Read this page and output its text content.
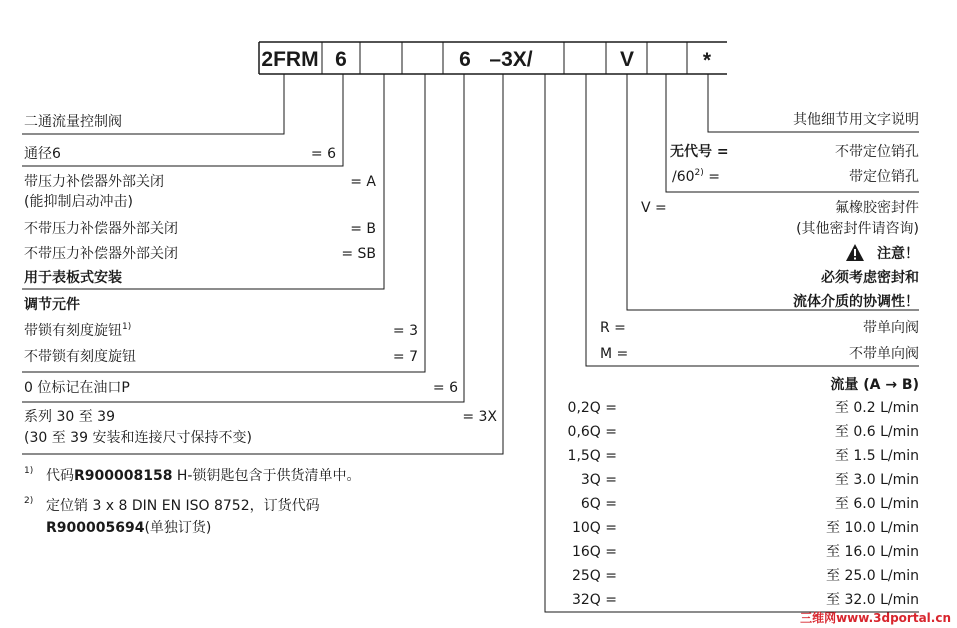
2FRM 6	6 –3X/	V	*
二通流量控制阀
通径6	= 6
带压力补偿器外部关闭
(能抑制启动冲击)
= A
不带压力补偿器外部关闭	= B
不带压力补偿器外部关闭	= SB
用于表板式安装
调节元件
带锁有刻度旋钮$^{1)}$	= 3
不带锁有刻度旋钮	= 7
0 位标记在油口P	= 6
系列 30 至 39
(30 至 39 安装和连接尺寸保持不变)
= 3X
1) 代码R900008158 H-锁钥匙包含于供货清单中。
2) 定位销 3 x 8 DIN EN ISO 8752，订货代码
R900005694(单独订货)
其他细节用文字说明
无代号 =	不带定位销孔
$/60^{2)}$ =	带定位销孔
V =	氟橡胶密封件
(其他密封件请咨询)
注意！
必须考虑密封和
流体介质的协调性！
R =	带单向阀
M =	不带单向阀
流量 (A → B)
0,2Q =	至 0.2 L/min
0,6Q =	至 0.6 L/min
1,5Q =	至 1.5 L/min
3Q =	至 3.0 L/min
6Q =	至 6.0 L/min
10Q =	至 10.0 L/min
16Q =	至 16.0 L/min
25Q =	至 25.0 L/min
32Q =	至 32.0 L/min
三维网www.3dportal.cn
